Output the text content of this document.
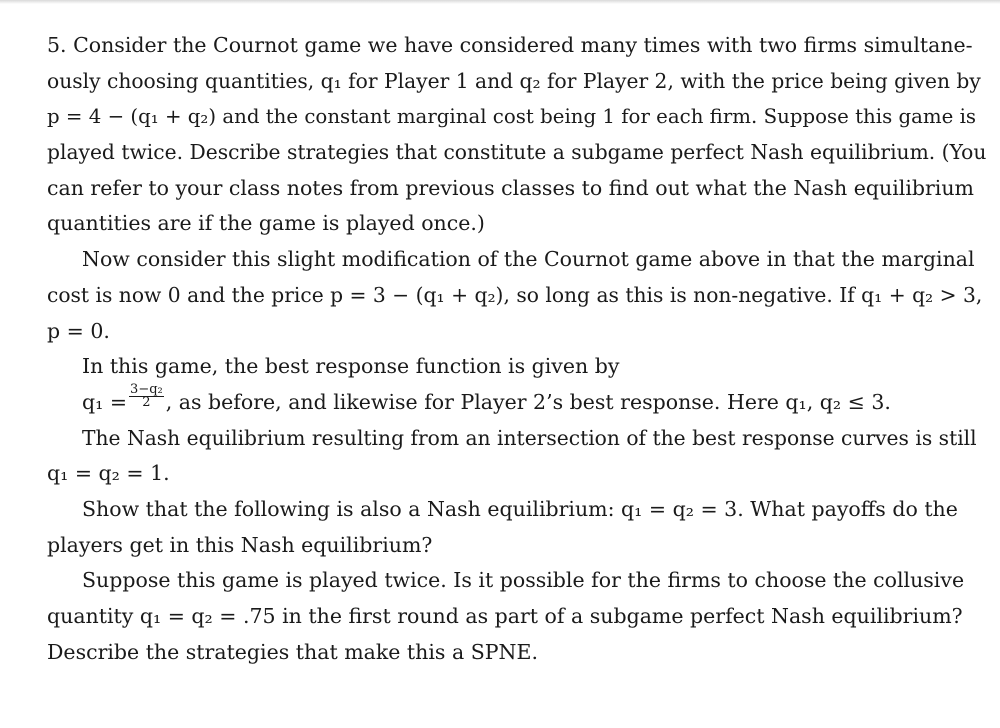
5. Consider the Cournot game we have considered many times with two firms simultane-
ously choosing quantities, q₁ for Player 1 and q₂ for Player 2, with the price being given by
p = 4 − (q₁ + q₂) and the constant marginal cost being 1 for each firm. Suppose this game is
played twice. Describe strategies that constitute a subgame perfect Nash equilibrium. (You
can refer to your class notes from previous classes to find out what the Nash equilibrium
quantities are if the game is played once.)
Now consider this slight modification of the Cournot game above in that the marginal
cost is now 0 and the price p = 3 − (q₁ + q₂), so long as this is non-negative. If q₁ + q₂ > 3,
p = 0.
In this game, the best response function is given by
$q_1 = \frac{\text{3−q₂}}{2}$ , as before, and likewise for Player 2’s best response. Here q₁, q₂ ≤ 3.
The Nash equilibrium resulting from an intersection of the best response curves is still
q₁ = q₂ = 1.
Show that the following is also a Nash equilibrium: q₁ = q₂ = 3. What payoffs do the
players get in this Nash equilibrium?
Suppose this game is played twice. Is it possible for the firms to choose the collusive
quantity q₁ = q₂ = .75 in the first round as part of a subgame perfect Nash equilibrium?
Describe the strategies that make this a SPNE.
